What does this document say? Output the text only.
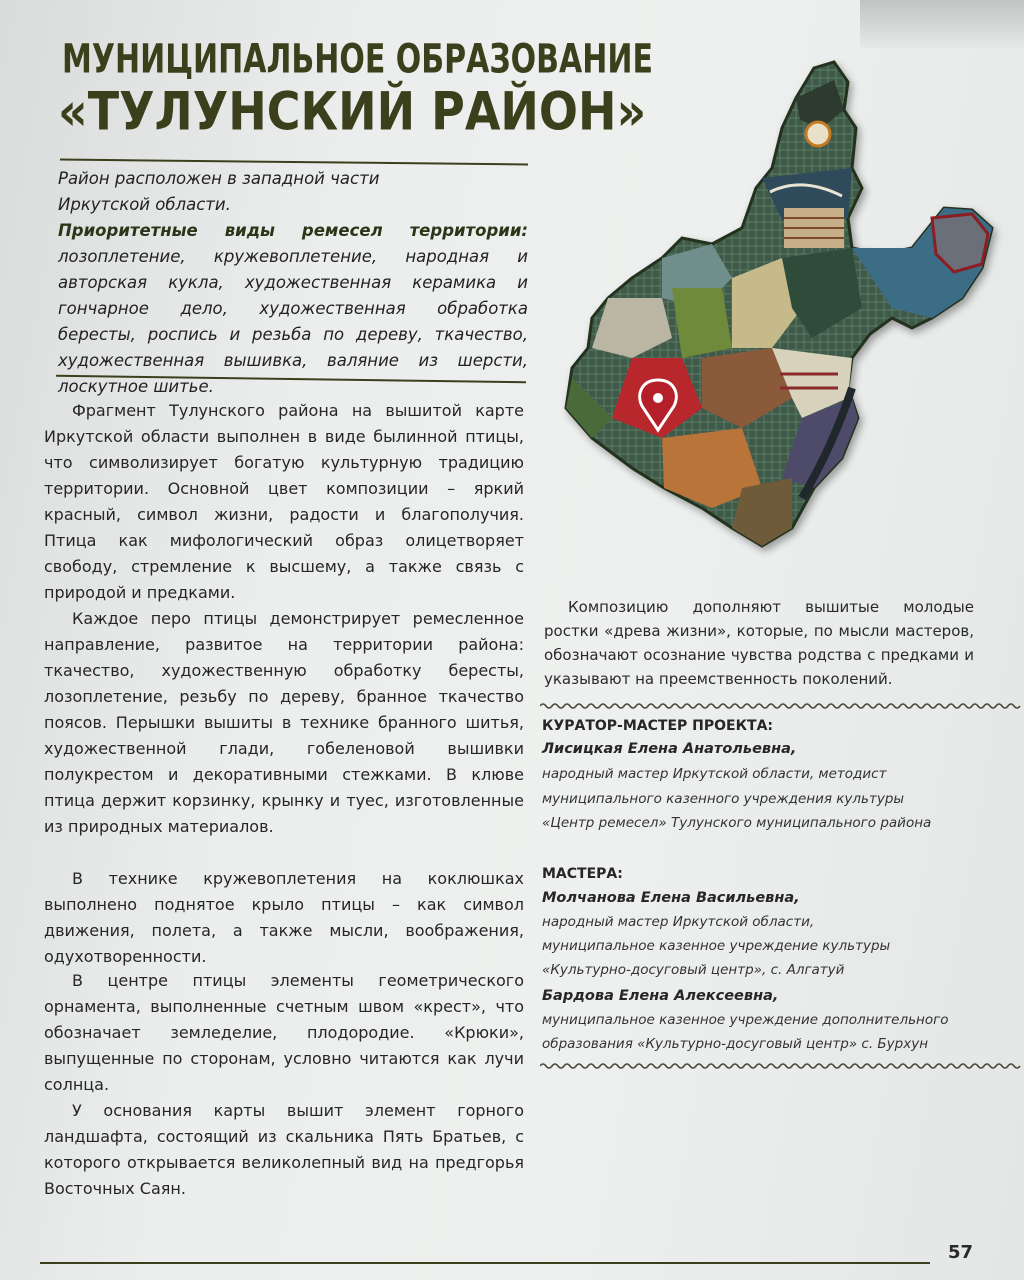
МУНИЦИПАЛЬНОЕ ОБРАЗОВАНИЕ
«ТУЛУНСКИЙ РАЙОН»
Район расположен в западной части
Иркутской области.
Приоритетные виды ремесел территории: лозоплетение, кружевоплетение, народная и авторская кукла, художественная керамика и гончарное дело, художественная обработка бересты, роспись и резьба по дереву, ткачество, художественная вышивка, валяние из шерсти, лоскутное шитье.
Фрагмент Тулунского района на вышитой карте Иркутской области выполнен в виде былинной птицы, что символизирует богатую культурную традицию территории. Основной цвет композиции – яркий красный, символ жизни, радости и благополучия. Птица как мифологический образ олицетворяет свободу, стремление к высшему, а также связь с природой и предками.
Каждое перо птицы демонстрирует ремесленное направление, развитое на территории района: ткачество, художественную обработку бересты, лозоплетение, резьбу по дереву, бранное ткачество поясов. Перышки вышиты в технике бранного шитья, художественной глади, гобеленовой вышивки полукрестом и декоративными стежками. В клюве птица держит корзинку, крынку и туес, изготовленные из природных материалов.
В технике кружевоплетения на коклюшках выполнено поднятое крыло птицы – как символ движения, полета, а также мысли, воображения, одухотворенности.
В центре птицы элементы геометрического орнамента, выполненные счетным швом «крест», что обозначает земледелие, плодородие. «Крюки», выпущенные по сторонам, условно читаются как лучи солнца.
У основания карты вышит элемент горного ландшафта, состоящий из скальника Пять Братьев, с которого открывается великолепный вид на предгорья Восточных Саян.
Композицию дополняют вышитые молодые ростки «древа жизни», которые, по мысли мастеров, обозначают осознание чувства родства с предками и указывают на преемственность поколений.
КУРАТОР-МАСТЕР ПРОЕКТА:
Лисицкая Елена Анатольевна,
народный мастер Иркутской области, методист
муниципального казенного учреждения культуры
«Центр ремесел» Тулунского муниципального района
МАСТЕРА:
Молчанова Елена Васильевна,
народный мастер Иркутской области,
муниципальное казенное учреждение культуры
«Культурно-досуговый центр», с. Алгатуй
Бардова Елена Алексеевна,
муниципальное казенное учреждение дополнительного
образования «Культурно-досуговый центр» с. Бурхун
57
